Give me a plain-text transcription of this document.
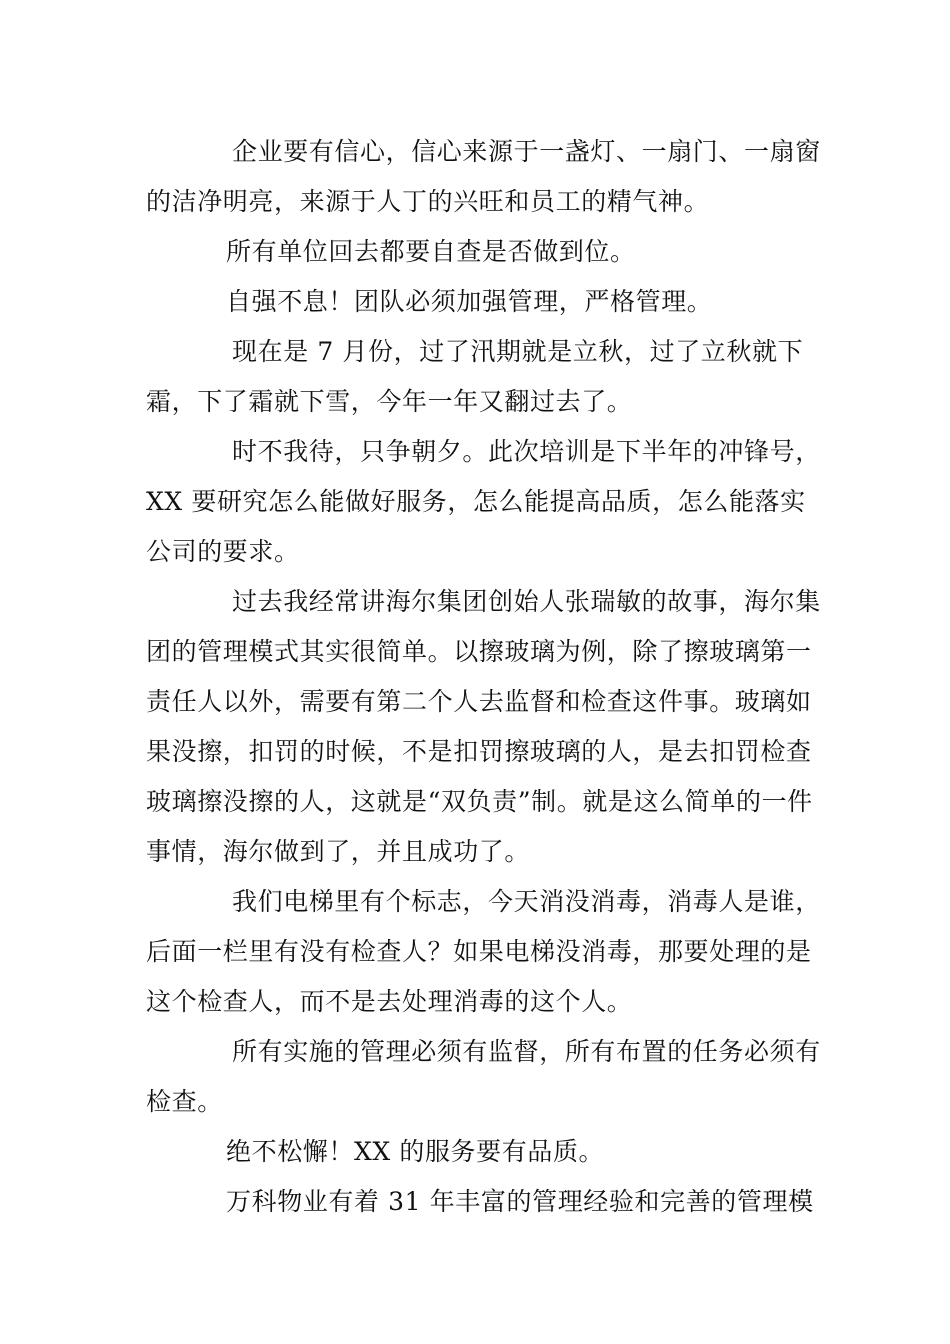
企业要有信心，信心来源于一盏灯、一扇门、一扇窗的洁净明亮，来源于人丁的兴旺和员工的精气神。

所有单位回去都要自查是否做到位。

自强不息！团队必须加强管理，严格管理。

现在是 7 月份，过了汛期就是立秋，过了立秋就下霜，下了霜就下雪，今年一年又翻过去了。

时不我待，只争朝夕。此次培训是下半年的冲锋号，XX 要研究怎么能做好服务，怎么能提高品质，怎么能落实公司的要求。

过去我经常讲海尔集团创始人张瑞敏的故事，海尔集团的管理模式其实很简单。以擦玻璃为例，除了擦玻璃第一责任人以外，需要有第二个人去监督和检查这件事。玻璃如果没擦，扣罚的时候，不是扣罚擦玻璃的人，是去扣罚检查玻璃擦没擦的人，这就是“双负责”制。就是这么简单的一件事情，海尔做到了，并且成功了。

我们电梯里有个标志，今天消没消毒，消毒人是谁，后面一栏里有没有检查人？如果电梯没消毒，那要处理的是这个检查人，而不是去处理消毒的这个人。

所有实施的管理必须有监督，所有布置的任务必须有检查。

绝不松懈！XX 的服务要有品质。

万科物业有着 31 年丰富的管理经验和完善的管理模
